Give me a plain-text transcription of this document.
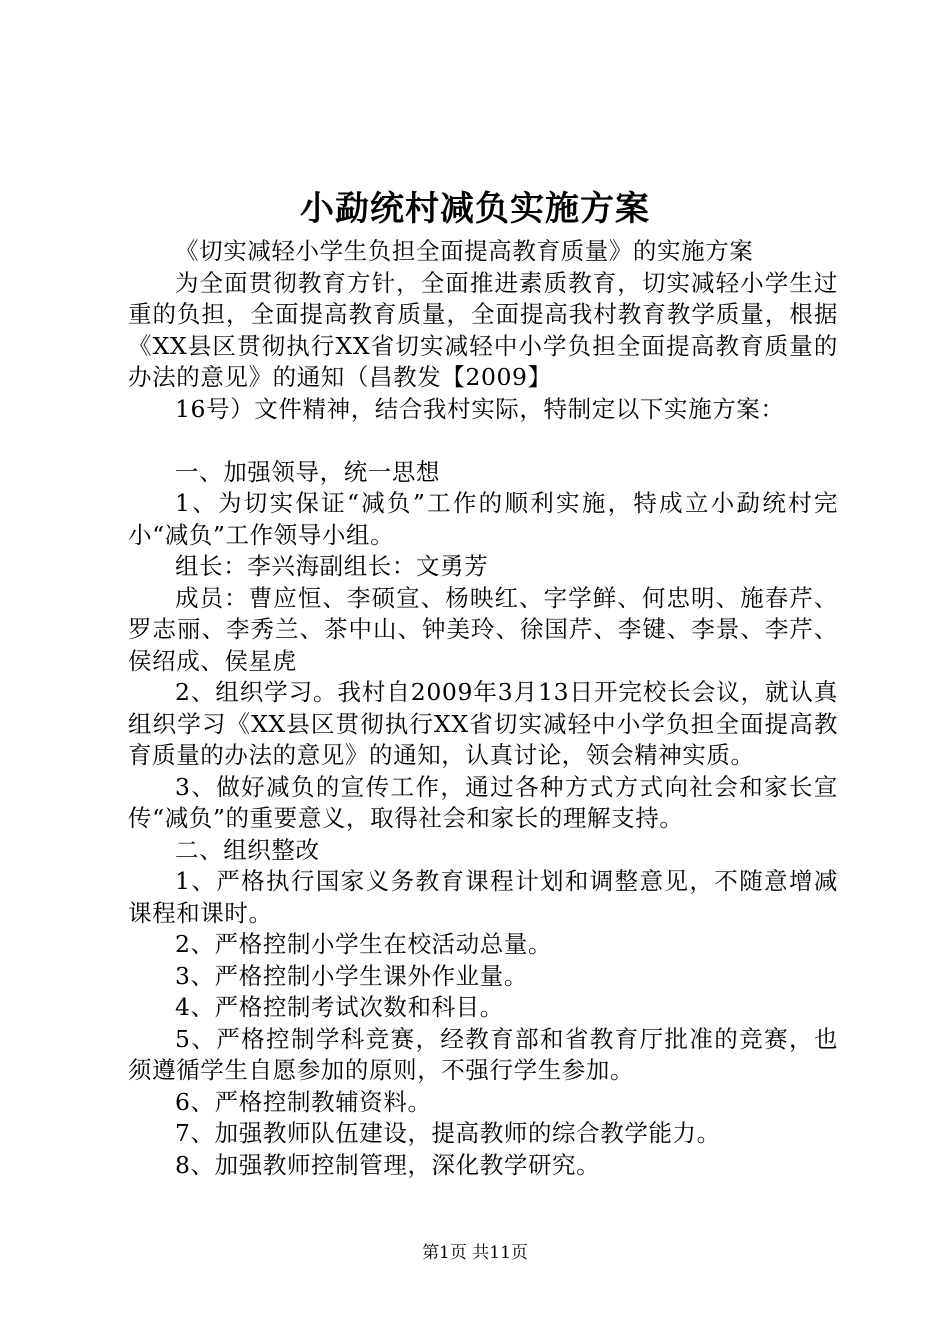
小勐统村减负实施方案

《切实减轻小学生负担全面提高教育质量》的实施方案

为全面贯彻教育方针，全面推进素质教育，切实减轻小学生过重的负担，全面提高教育质量，全面提高我村教育教学质量，根据《XX县区贯彻执行XX省切实减轻中小学负担全面提高教育质量的办法的意见》的通知（昌教发【2009】

16号）文件精神，结合我村实际，特制定以下实施方案：

一、加强领导，统一思想

1、为切实保证“减负”工作的顺利实施，特成立小勐统村完小“减负”工作领导小组。

组长：李兴海副组长：文勇芳

成员：曹应恒、李硕宣、杨映红、字学鲜、何忠明、施春芹、罗志丽、李秀兰、茶中山、钟美玲、徐国芹、李键、李景、李芹、侯绍成、侯星虎

2、组织学习。我村自2009年3月13日开完校长会议，就认真组织学习《XX县区贯彻执行XX省切实减轻中小学负担全面提高教育质量的办法的意见》的通知，认真讨论，领会精神实质。

3、做好减负的宣传工作，通过各种方式方式向社会和家长宣传“减负”的重要意义，取得社会和家长的理解支持。

二、组织整改

1、严格执行国家义务教育课程计划和调整意见，不随意增减课程和课时。

2、严格控制小学生在校活动总量。

3、严格控制小学生课外作业量。

4、严格控制考试次数和科目。

5、严格控制学科竞赛，经教育部和省教育厅批准的竞赛，也须遵循学生自愿参加的原则，不强行学生参加。

6、严格控制教辅资料。

7、加强教师队伍建设，提高教师的综合教学能力。

8、加强教师控制管理，深化教学研究。

第1页 共11页
